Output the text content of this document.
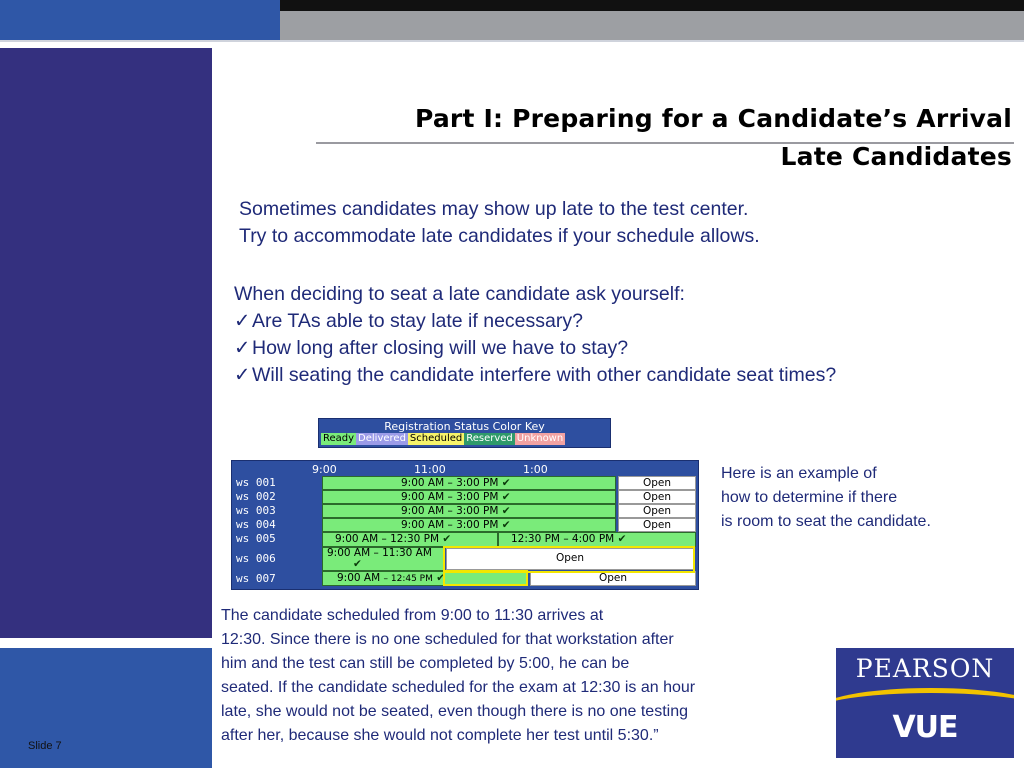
Slide 7
Part I: Preparing for a Candidate’s Arrival
Late Candidates
Sometimes candidates may show up late to the test center.
Try to accommodate late candidates if your schedule allows.
When deciding to seat a late candidate ask yourself:
✓Are TAs able to stay late if necessary?
✓How long after closing will we have to stay?
✓Will seating the candidate interfere with other candidate seat times?
Registration Status Color Key
Ready Delivered Scheduled Reserved Unknown
9:00	11:00	1:00
ws 001	9:00 AM – 3:00 PM ✔	Open
ws 002	9:00 AM – 3:00 PM ✔	Open
ws 003	9:00 AM – 3:00 PM ✔	Open
ws 004	9:00 AM – 3:00 PM ✔	Open
ws 005	9:00 AM – 12:30 PM ✔	12:30 PM – 4:00 PM ✔
ws 006	9:00 AM – 11:30 AM
✔	Open
ws 007	9:00 AM – 12:45 PM ✔	Open
Here is an example of
how to determine if there
is room to seat the candidate.
The candidate scheduled from 9:00 to 11:30 arrives at
12:30. Since there is no one scheduled for that workstation after
him and the test can still be completed by 5:00, he can be
seated. If the candidate scheduled for the exam at 12:30 is an hour
late, she would not be seated, even though there is no one testing
after her, because she would not complete her test until 5:30.”
PEARSON
VUE
